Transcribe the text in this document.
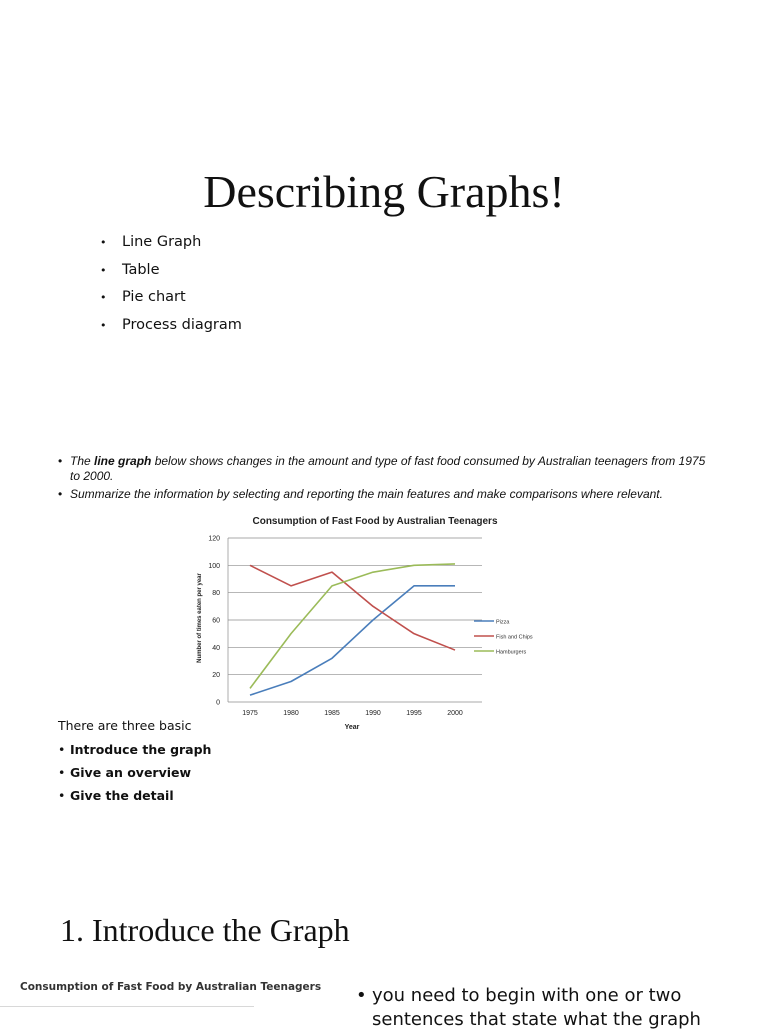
Describing Graphs!
• Line Graph
• Table
• Pie chart
• Process diagram
• The line graph below shows changes in the amount and type of fast food consumed by Australian teenagers from 1975 to 2000.
• Summarize the information by selecting and reporting the main features and make comparisons where relevant.
Consumption of Fast Food by Australian Teenagers
0
20
40
60
80
100
120
1975	1980	1985	1990	1995	2000
Pizza
Fish and Chips
Hamburgers
Year
Number of times eaten per year
There are three basic
• Introduce the graph
• Give an overview
• Give the detail
1. Introduce the Graph
Consumption of Fast Food by Australian Teenagers • you need to begin with one or two
sentences that state what the graph
